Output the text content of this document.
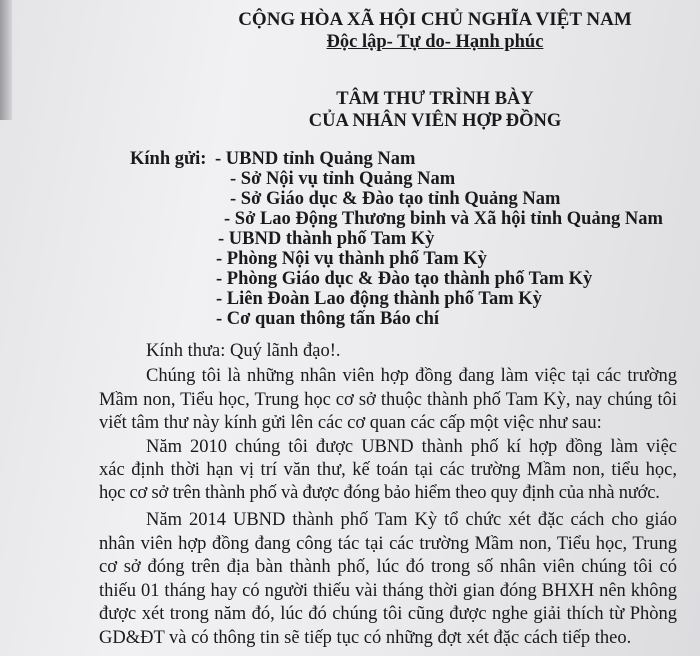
CỘNG HÒA XÃ HỘI CHỦ NGHĨA VIỆT NAM
Độc lập- Tự do- Hạnh phúc
TÂM THƯ TRÌNH BÀY
CỦA NHÂN VIÊN HỢP ĐỒNG
Kính gửi: - UBND tỉnh Quảng Nam
- Sở Nội vụ tỉnh Quảng Nam
- Sở Giáo dục & Đào tạo tỉnh Quảng Nam
- Sở Lao Động Thương binh và Xã hội tỉnh Quảng Nam
- UBND thành phố Tam Kỳ
- Phòng Nội vụ thành phố Tam Kỳ
- Phòng Giáo dục & Đào tạo thành phố Tam Kỳ
- Liên Đoàn Lao động thành phố Tam Kỳ
- Cơ quan thông tấn Báo chí
Kính thưa: Quý lãnh đạo!.
Chúng tôi là những nhân viên hợp đồng đang làm việc tại các trường
Mầm non, Tiểu học, Trung học cơ sở thuộc thành phố Tam Kỳ, nay chúng tôi
viết tâm thư này kính gửi lên các cơ quan các cấp một việc như sau:
Năm 2010 chúng tôi được UBND thành phố kí hợp đồng làm việc
xác định thời hạn vị trí văn thư, kế toán tại các trường Mầm non, tiểu học,
học cơ sở trên thành phố và được đóng bảo hiểm theo quy định của nhà nước.
Năm 2014 UBND thành phố Tam Kỳ tổ chức xét đặc cách cho giáo
nhân viên hợp đồng đang công tác tại các trường Mầm non, Tiểu học, Trung
cơ sở đóng trên địa bàn thành phố, lúc đó trong số nhân viên chúng tôi có
thiếu 01 tháng hay có người thiếu vài tháng thời gian đóng BHXH nên không
được xét trong năm đó, lúc đó chúng tôi cũng được nghe giải thích từ Phòng
GD&ĐT và có thông tin sẽ tiếp tục có những đợt xét đặc cách tiếp theo.
